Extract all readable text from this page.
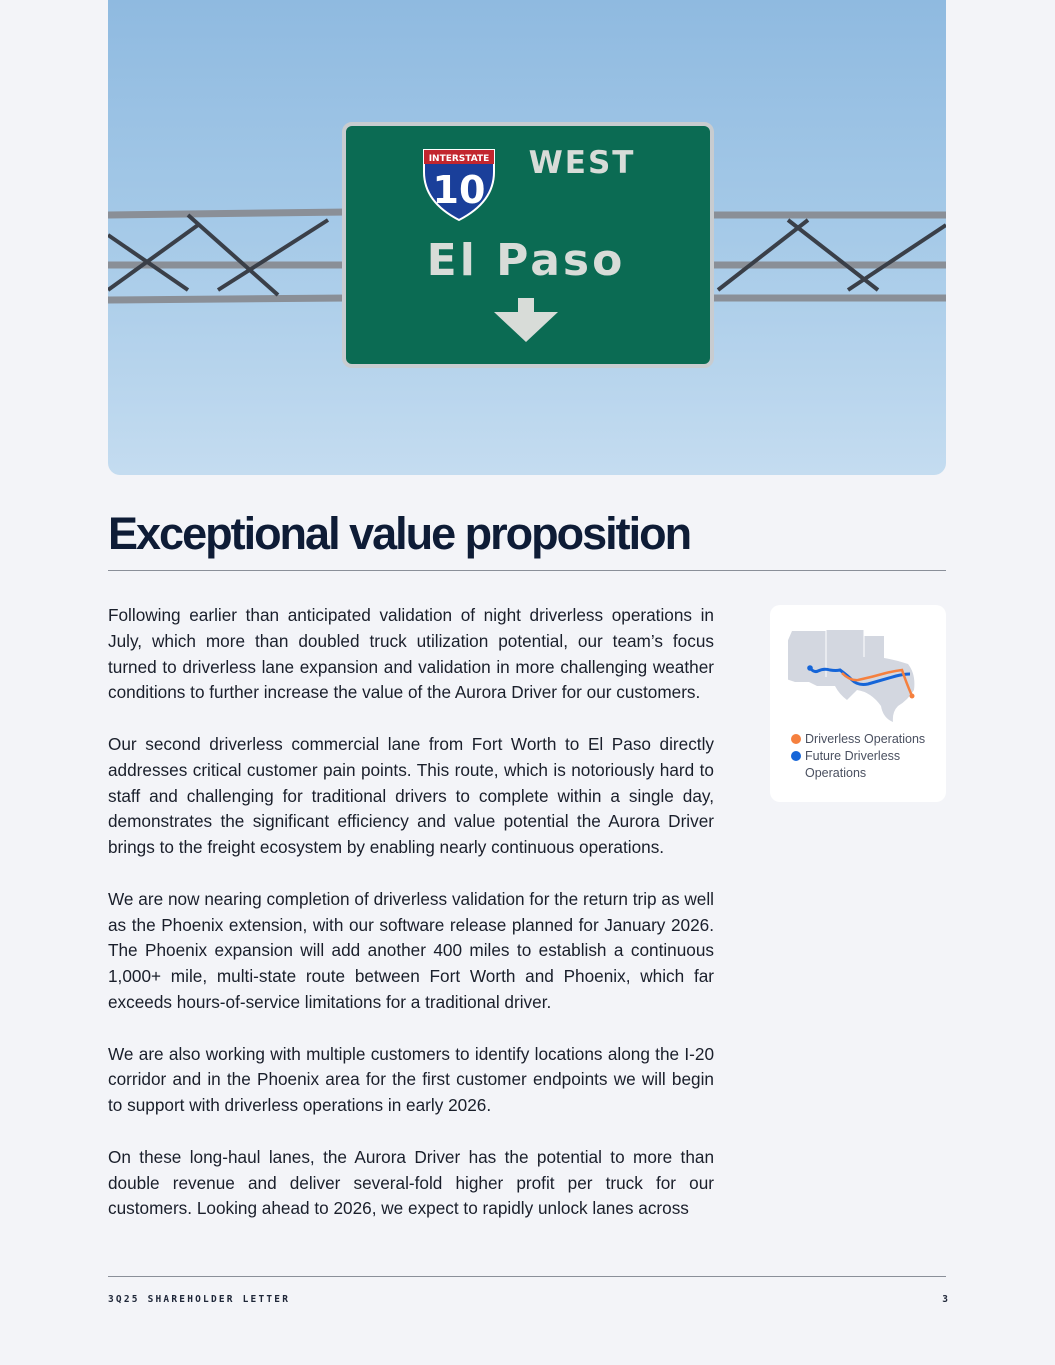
INTERSTATE
10
WEST
El Paso
Exceptional value proposition

Following earlier than anticipated validation of night driverless operations in July, which more than doubled truck utilization potential, our team’s focus turned to driverless lane expansion and validation in more challenging weather conditions to further increase the value of the Aurora Driver for our customers.

Our second driverless commercial lane from Fort Worth to El Paso directly addresses critical customer pain points. This route, which is notoriously hard to staff and challenging for traditional drivers to complete within a single day, demonstrates the significant efficiency and value potential the Aurora Driver brings to the freight ecosystem by enabling nearly continuous operations.

We are now nearing completion of driverless validation for the return trip as well as the Phoenix extension, with our software release planned for January 2026. The Phoenix expansion will add another 400 miles to establish a continuous 1,000+ mile, multi-state route between Fort Worth and Phoenix, which far exceeds hours-of-service limitations for a traditional driver.

We are also working with multiple customers to identify locations along the I-20 corridor and in the Phoenix area for the first customer endpoints we will begin to support with driverless operations in early 2026.

On these long-haul lanes, the Aurora Driver has the potential to more than double revenue and deliver several-fold higher profit per truck for our customers. Looking ahead to 2026, we expect to rapidly unlock lanes across

Driverless Operations
Future Driverless Operations
3Q25 SHAREHOLDER LETTER	3
